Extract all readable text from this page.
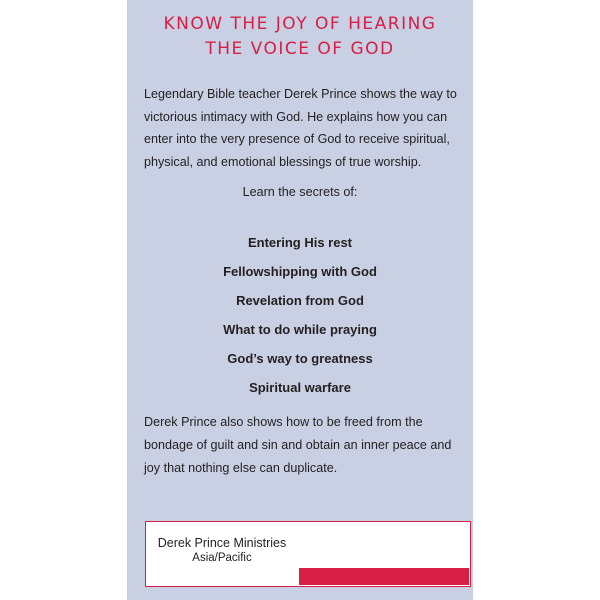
KNOW THE JOY OF HEARING
THE VOICE OF GOD

Legendary Bible teacher Derek Prince shows the way to victorious intimacy with God. He explains how you can enter into the very presence of God to receive spiritual, physical, and emotional blessings of true worship.

Learn the secrets of:

Entering His rest
Fellowshipping with God
Revelation from God
What to do while praying
God’s way to greatness
Spiritual warfare

Derek Prince also shows how to be freed from the bondage of guilt and sin and obtain an inner peace and joy that nothing else can duplicate.

Derek Prince Ministries
Asia/Pacific
